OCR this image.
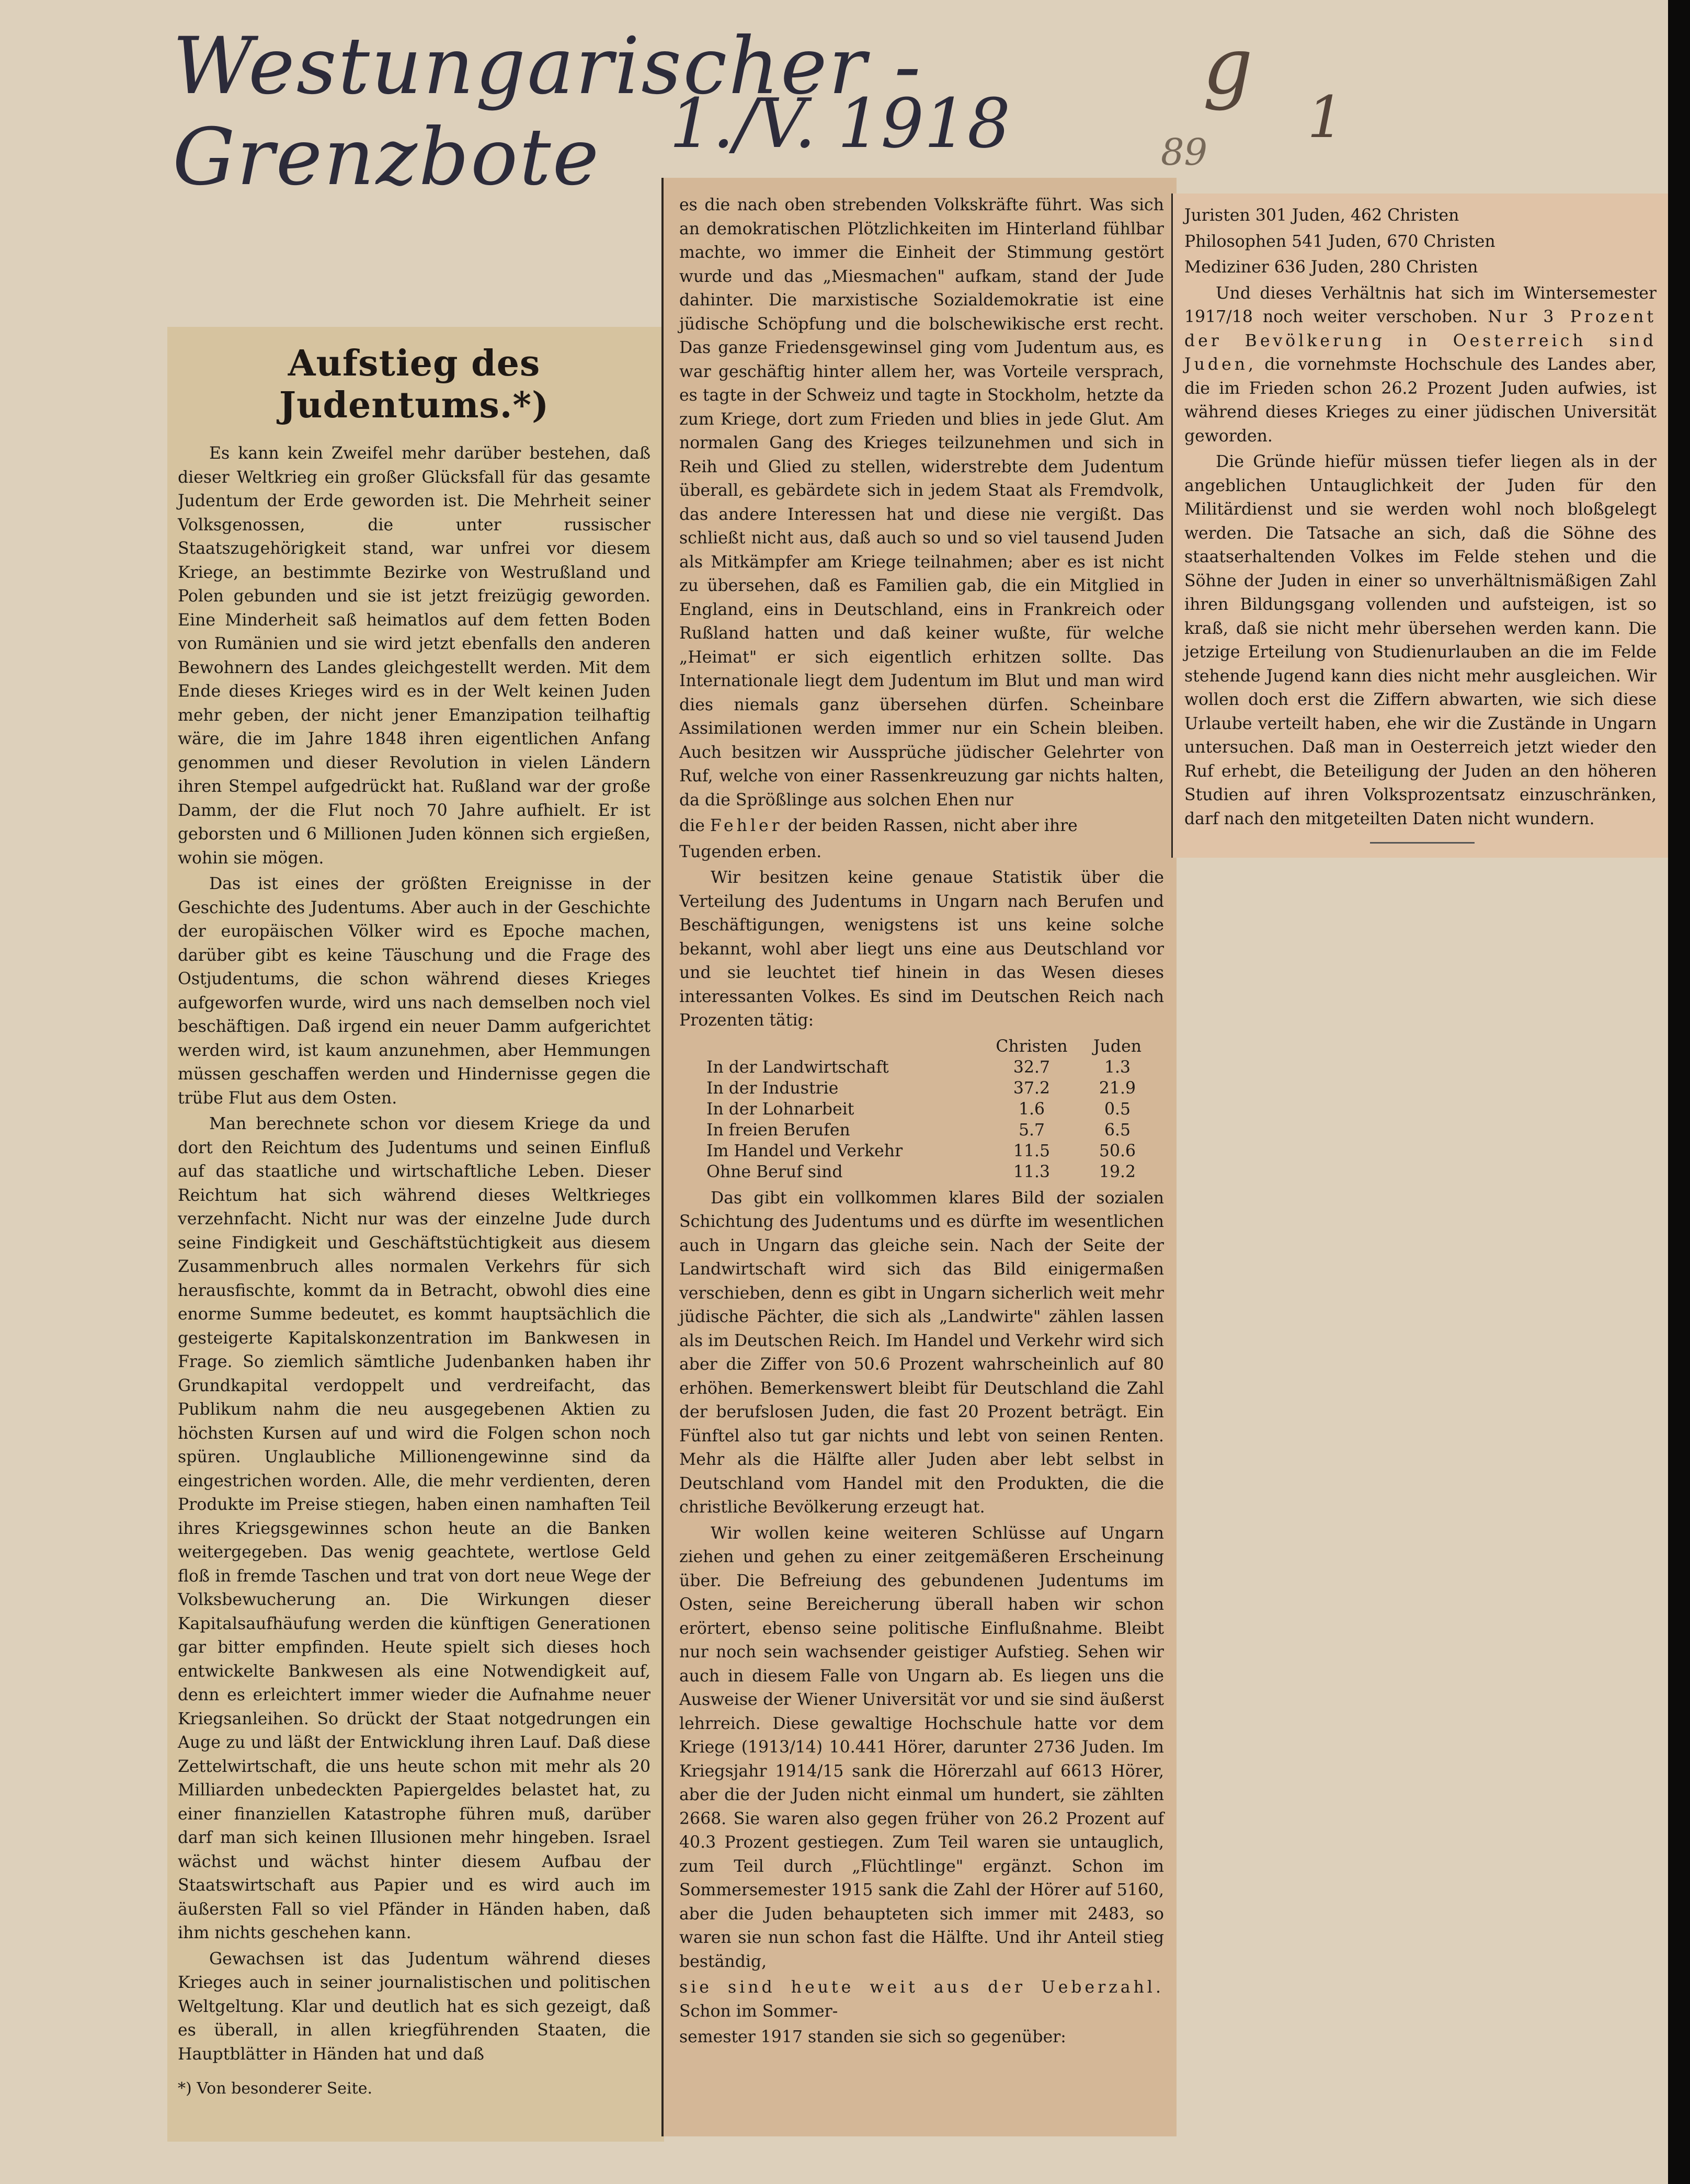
Westungarischer - Grenzbote	1./V. 1918
g
1
89
Aufstieg des Judentums.*)

Es kann kein Zweifel mehr darüber bestehen, daß dieser Weltkrieg ein großer Glücksfall für das gesamte Judentum der Erde geworden ist. Die Mehrheit seiner Volksgenossen, die unter russischer Staatszugehörigkeit stand, war unfrei vor diesem Kriege, an bestimmte Bezirke von Westrußland und Polen gebunden und sie ist jetzt freizügig geworden. Eine Minderheit saß heimatlos auf dem fetten Boden von Rumänien und sie wird jetzt ebenfalls den anderen Bewohnern des Landes gleichgestellt werden. Mit dem Ende dieses Krieges wird es in der Welt keinen Juden mehr geben, der nicht jener Emanzipation teilhaftig wäre, die im Jahre 1848 ihren eigentlichen Anfang genommen und dieser Revolution in vielen Ländern ihren Stempel aufgedrückt hat. Rußland war der große Damm, der die Flut noch 70 Jahre aufhielt. Er ist geborsten und 6 Millionen Juden können sich ergießen, wohin sie mögen.

Das ist eines der größten Ereignisse in der Geschichte des Judentums. Aber auch in der Geschichte der europäischen Völker wird es Epoche machen, darüber gibt es keine Täuschung und die Frage des Ostjudentums, die schon während dieses Krieges aufgeworfen wurde, wird uns nach demselben noch viel beschäftigen. Daß irgend ein neuer Damm aufgerichtet werden wird, ist kaum anzunehmen, aber Hemmungen müssen geschaffen werden und Hindernisse gegen die trübe Flut aus dem Osten.

Man berechnete schon vor diesem Kriege da und dort den Reichtum des Judentums und seinen Einfluß auf das staatliche und wirtschaftliche Leben. Dieser Reichtum hat sich während dieses Weltkrieges verzehnfacht. Nicht nur was der einzelne Jude durch seine Findigkeit und Geschäftstüchtigkeit aus diesem Zusammenbruch alles normalen Verkehrs für sich herausfischte, kommt da in Betracht, obwohl dies eine enorme Summe bedeutet, es kommt hauptsächlich die gesteigerte Kapitalskonzentration im Bankwesen in Frage. So ziemlich sämtliche Judenbanken haben ihr Grundkapital verdoppelt und verdreifacht, das Publikum nahm die neu ausgegebenen Aktien zu höchsten Kursen auf und wird die Folgen schon noch spüren. Unglaubliche Millionengewinne sind da eingestrichen worden. Alle, die mehr verdienten, deren Produkte im Preise stiegen, haben einen namhaften Teil ihres Kriegsgewinnes schon heute an die Banken weitergegeben. Das wenig geachtete, wertlose Geld floß in fremde Taschen und trat von dort neue Wege der Volksbewucherung an. Die Wirkungen dieser Kapitalsaufhäufung werden die künftigen Generationen gar bitter empfinden. Heute spielt sich dieses hoch entwickelte Bankwesen als eine Notwendigkeit auf, denn es erleichtert immer wieder die Aufnahme neuer Kriegsanleihen. So drückt der Staat notgedrungen ein Auge zu und läßt der Entwicklung ihren Lauf. Daß diese Zettelwirtschaft, die uns heute schon mit mehr als 20 Milliarden unbedeckten Papiergeldes belastet hat, zu einer finanziellen Katastrophe führen muß, darüber darf man sich keinen Illusionen mehr hingeben. Israel wächst und wächst hinter diesem Aufbau der Staatswirtschaft aus Papier und es wird auch im äußersten Fall so viel Pfänder in Händen haben, daß ihm nichts geschehen kann.

Gewachsen ist das Judentum während dieses Krieges auch in seiner journalistischen und politischen Weltgeltung. Klar und deutlich hat es sich gezeigt, daß es überall, in allen kriegführenden Staaten, die Hauptblätter in Händen hat und daß

*) Von besonderer Seite.

es die nach oben strebenden Volkskräfte führt. Was sich an demokratischen Plötzlichkeiten im Hinterland fühlbar machte, wo immer die Einheit der Stimmung gestört wurde und das „Miesmachen" aufkam, stand der Jude dahinter. Die marxistische Sozialdemokratie ist eine jüdische Schöpfung und die bolschewikische erst recht. Das ganze Friedensgewinsel ging vom Judentum aus, es war geschäftig hinter allem her, was Vorteile versprach, es tagte in der Schweiz und tagte in Stockholm, hetzte da zum Kriege, dort zum Frieden und blies in jede Glut. Am normalen Gang des Krieges teilzunehmen und sich in Reih und Glied zu stellen, widerstrebte dem Judentum überall, es gebärdete sich in jedem Staat als Fremdvolk, das andere Interessen hat und diese nie vergißt. Das schließt nicht aus, daß auch so und so viel tausend Juden als Mitkämpfer am Kriege teilnahmen; aber es ist nicht zu übersehen, daß es Familien gab, die ein Mitglied in England, eins in Deutschland, eins in Frankreich oder Rußland hatten und daß keiner wußte, für welche „Heimat" er sich eigentlich erhitzen sollte. Das Internationale liegt dem Judentum im Blut und man wird dies niemals ganz übersehen dürfen. Scheinbare Assimilationen werden immer nur ein Schein bleiben. Auch besitzen wir Aussprüche jüdischer Gelehrter von Ruf, welche von einer Rassenkreuzung gar nichts halten, da die Sprößlinge aus solchen Ehen nur

die Fehler der beiden Rassen, nicht aber ihre

Tugenden erben.

Wir besitzen keine genaue Statistik über die Verteilung des Judentums in Ungarn nach Berufen und Beschäftigungen, wenigstens ist uns keine solche bekannt, wohl aber liegt uns eine aus Deutschland vor und sie leuchtet tief hinein in das Wesen dieses interessanten Volkes. Es sind im Deutschen Reich nach Prozenten tätig:

	Christen	Juden
In der Landwirtschaft	32.7	1.3
In der Industrie	37.2	21.9
In der Lohnarbeit	1.6	0.5
In freien Berufen	5.7	6.5
Im Handel und Verkehr	11.5	50.6
Ohne Beruf sind	11.3	19.2

Das gibt ein vollkommen klares Bild der sozialen Schichtung des Judentums und es dürfte im wesentlichen auch in Ungarn das gleiche sein. Nach der Seite der Landwirtschaft wird sich das Bild einigermaßen verschieben, denn es gibt in Ungarn sicherlich weit mehr jüdische Pächter, die sich als „Landwirte" zählen lassen als im Deutschen Reich. Im Handel und Verkehr wird sich aber die Ziffer von 50.6 Prozent wahrscheinlich auf 80 erhöhen. Bemerkenswert bleibt für Deutschland die Zahl der berufslosen Juden, die fast 20 Prozent beträgt. Ein Fünftel also tut gar nichts und lebt von seinen Renten. Mehr als die Hälfte aller Juden aber lebt selbst in Deutschland vom Handel mit den Produkten, die die christliche Bevölkerung erzeugt hat.

Wir wollen keine weiteren Schlüsse auf Ungarn ziehen und gehen zu einer zeitgemäßeren Erscheinung über. Die Befreiung des gebundenen Judentums im Osten, seine Bereicherung überall haben wir schon erörtert, ebenso seine politische Einflußnahme. Bleibt nur noch sein wachsender geistiger Aufstieg. Sehen wir auch in diesem Falle von Ungarn ab. Es liegen uns die Ausweise der Wiener Universität vor und sie sind äußerst lehrreich. Diese gewaltige Hochschule hatte vor dem Kriege (1913/14) 10.441 Hörer, darunter 2736 Juden. Im Kriegsjahr 1914/15 sank die Hörerzahl auf 6613 Hörer, aber die der Juden nicht einmal um hundert, sie zählten 2668. Sie waren also gegen früher von 26.2 Prozent auf 40.3 Prozent gestiegen. Zum Teil waren sie untauglich, zum Teil durch „Flüchtlinge" ergänzt. Schon im Sommersemester 1915 sank die Zahl der Hörer auf 5160, aber die Juden behaupteten sich immer mit 2483, so waren sie nun schon fast die Hälfte. Und ihr Anteil stieg beständig,

sie sind heute weit aus der Ueberzahl. Schon im Sommer-

semester 1917 standen sie sich so gegenüber:

Juristen 301 Juden, 462 Christen

Philosophen 541 Juden, 670 Christen

Mediziner 636 Juden, 280 Christen

Und dieses Verhältnis hat sich im Wintersemester 1917/18 noch weiter verschoben. Nur 3 Prozent der Bevölkerung in Oesterreich sind Juden, die vornehmste Hochschule des Landes aber, die im Frieden schon 26.2 Prozent Juden aufwies, ist während dieses Krieges zu einer jüdischen Universität geworden.

Die Gründe hiefür müssen tiefer liegen als in der angeblichen Untauglichkeit der Juden für den Militärdienst und sie werden wohl noch bloßgelegt werden. Die Tatsache an sich, daß die Söhne des staatserhaltenden Volkes im Felde stehen und die Söhne der Juden in einer so unverhältnismäßigen Zahl ihren Bildungsgang vollenden und aufsteigen, ist so kraß, daß sie nicht mehr übersehen werden kann. Die jetzige Erteilung von Studienurlauben an die im Felde stehende Jugend kann dies nicht mehr ausgleichen. Wir wollen doch erst die Ziffern abwarten, wie sich diese Urlaube verteilt haben, ehe wir die Zustände in Ungarn untersuchen. Daß man in Oesterreich jetzt wieder den Ruf erhebt, die Beteiligung der Juden an den höheren Studien auf ihren Volksprozentsatz einzuschränken, darf nach den mitgeteilten Daten nicht wundern.
